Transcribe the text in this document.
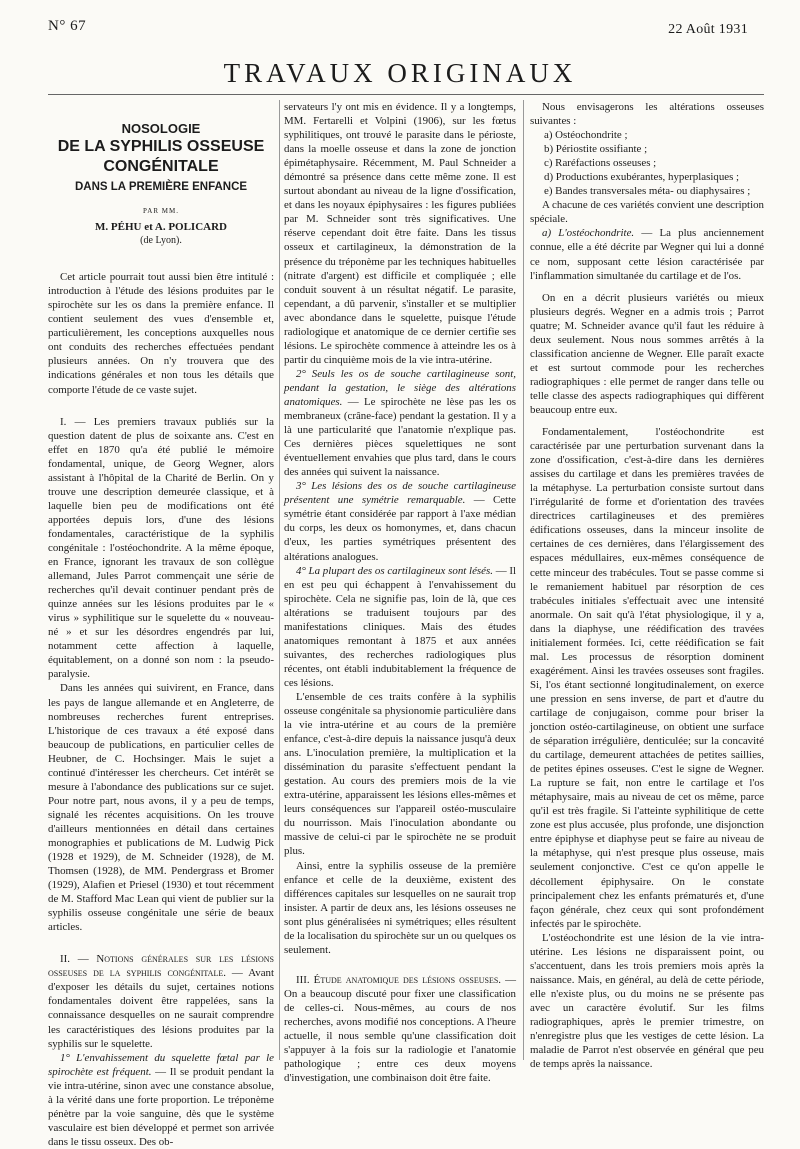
N° 67	22 Août 1931
TRAVAUX ORIGINAUX
NOSOLOGIE
DE LA SYPHILIS OSSEUSE
CONGÉNITALE
DANS LA PREMIÈRE ENFANCE
PAR MM.
M. PÉHU et A. POLICARD
(de Lyon).

Cet article pourrait tout aussi bien être intitulé : introduction à l'étude des lésions produites par le spirochète sur les os dans la première enfance. Il contient seulement des vues d'ensemble et, particulièrement, les conceptions auxquelles nous ont conduits des recherches effectuées pendant plusieurs années. On n'y trouvera que des indications générales et non tous les détails que comporte l'étude de ce vaste sujet.

I. — Les premiers travaux publiés sur la question datent de plus de soixante ans. C'est en effet en 1870 qu'a été publié le mémoire fondamental, unique, de Georg Wegner, alors assistant à l'hôpital de la Charité de Berlin. On y trouve une description demeurée classique, et à laquelle bien peu de modifications ont été apportées depuis lors, d'une des lésions fondamentales, caractéristique de la syphilis congénitale : l'ostéochondrite. A la même époque, en France, ignorant les travaux de son collègue allemand, Jules Parrot commençait une série de recherches qu'il devait continuer pendant près de quinze années sur les lésions produites par le « virus » syphilitique sur le squelette du « nouveau-né » et sur les désordres engendrés par lui, notamment cette affection à laquelle, équitablement, on a donné son nom : la pseudo-paralysie.

Dans les années qui suivirent, en France, dans les pays de langue allemande et en Angleterre, de nombreuses recherches furent entreprises. L'historique de ces travaux a été exposé dans beaucoup de publications, en particulier celles de Heubner, de C. Hochsinger. Mais le sujet a continué d'intéresser les chercheurs. Cet intérêt se mesure à l'abondance des publications sur ce sujet. Pour notre part, nous avons, il y a peu de temps, signalé les récentes acquisitions. On les trouve d'ailleurs mentionnées en détail dans certaines monographies et publications de M. Ludwig Pick (1928 et 1929), de M. Schneider (1928), de M. Thomsen (1928), de MM. Pendergrass et Bromer (1929), Alafien et Priesel (1930) et tout récemment de M. Stafford Mac Lean qui vient de publier sur la syphilis osseuse congénitale une série de beaux articles.

II. — Notions générales sur les lésions osseuses de la syphilis congénitale. — Avant d'exposer les détails du sujet, certaines notions fondamentales doivent être rappelées, sans la connaissance desquelles on ne saurait comprendre les caractéristiques des lésions produites par la syphilis sur le squelette.

1° L'envahissement du squelette fœtal par le spirochète est fréquent. — Il se produit pendant la vie intra-utérine, sinon avec une constance absolue, à la vérité dans une forte proportion. Le tréponème pénètre par la voie sanguine, dès que le système vasculaire est bien développé et permet son arrivée dans le tissu osseux. Des ob-

servateurs l'y ont mis en évidence. Il y a longtemps, MM. Fertarelli et Volpini (1906), sur les fœtus syphilitiques, ont trouvé le parasite dans le périoste, dans la moelle osseuse et dans la zone de jonction épimétaphysaire. Récemment, M. Paul Schneider a démontré sa présence dans cette même zone. Il est surtout abondant au niveau de la ligne d'ossification, et dans les noyaux épiphysaires : les figures publiées par M. Schneider sont très significatives. Une réserve cependant doit être faite. Dans les tissus osseux et cartilagineux, la démonstration de la présence du tréponème par les techniques habituelles (nitrate d'argent) est difficile et compliquée ; elle conduit souvent à un résultat négatif. Le parasite, cependant, a dû parvenir, s'installer et se multiplier avec abondance dans le squelette, puisque l'étude radiologique et anatomique de ce dernier certifie ses lésions. Le spirochète commence à atteindre les os à partir du cinquième mois de la vie intra-utérine.

2° Seuls les os de souche cartilagineuse sont, pendant la gestation, le siège des altérations anatomiques. — Le spirochète ne lèse pas les os membraneux (crâne-face) pendant la gestation. Il y a là une particularité que l'anatomie n'explique pas. Ces dernières pièces squelettiques ne sont éventuellement envahies que plus tard, dans le cours des années qui suivent la naissance.

3° Les lésions des os de souche cartilagineuse présentent une symétrie remarquable. — Cette symétrie étant considérée par rapport à l'axe médian du corps, les deux os homonymes, et, dans chacun d'eux, les parties symétriques présentent des altérations analogues.

4° La plupart des os cartilagineux sont lésés. — Il en est peu qui échappent à l'envahissement du spirochète. Cela ne signifie pas, loin de là, que ces altérations se traduisent toujours par des manifestations cliniques. Mais des études anatomiques remontant à 1875 et aux années suivantes, des recherches radiologiques plus récentes, ont établi indubitablement la fréquence de ces lésions.

L'ensemble de ces traits confère à la syphilis osseuse congénitale sa physionomie particulière dans la vie intra-utérine et au cours de la première enfance, c'est-à-dire depuis la naissance jusqu'à deux ans. L'inoculation première, la multiplication et la dissémination du parasite s'effectuent pendant la gestation. Au cours des premiers mois de la vie extra-utérine, apparaissent les lésions elles-mêmes et leurs conséquences sur l'appareil ostéo-musculaire du nourrisson. Mais l'inoculation abondante ou massive de celui-ci par le spirochète ne se produit plus.

Ainsi, entre la syphilis osseuse de la première enfance et celle de la deuxième, existent des différences capitales sur lesquelles on ne saurait trop insister. A partir de deux ans, les lésions osseuses ne sont plus généralisées ni symétriques; elles résultent de la localisation du spirochète sur un ou quelques os seulement.

III. Étude anatomique des lésions osseuses. — On a beaucoup discuté pour fixer une classification de celles-ci. Nous-mêmes, au cours de nos recherches, avons modifié nos conceptions. A l'heure actuelle, il nous semble qu'une classification doit s'appuyer à la fois sur la radiologie et l'anatomie pathologique ; entre ces deux moyens d'investigation, une combinaison doit être faite.

Nous envisagerons les altérations osseuses suivantes :

a) Ostéochondrite ;
b) Périostite ossifiante ;
c) Raréfactions osseuses ;
d) Productions exubérantes, hyperplasiques ;
e) Bandes transversales méta- ou diaphysaires ;

A chacune de ces variétés convient une description spéciale.

a) L'ostéochondrite. — La plus anciennement connue, elle a été décrite par Wegner qui lui a donné ce nom, supposant cette lésion caractérisée par l'inflammation simultanée du cartilage et de l'os.

On en a décrit plusieurs variétés ou mieux plusieurs degrés. Wegner en a admis trois ; Parrot quatre; M. Schneider avance qu'il faut les réduire à deux seulement. Nous nous sommes arrêtés à la classification ancienne de Wegner. Elle paraît exacte et est surtout commode pour les recherches radiographiques : elle permet de ranger dans telle ou telle classe des aspects radiographiques qui diffèrent beaucoup entre eux.

Fondamentalement, l'ostéochondrite est caractérisée par une perturbation survenant dans la zone d'ossification, c'est-à-dire dans les dernières assises du cartilage et dans les premières travées de la métaphyse. La perturbation consiste surtout dans l'irrégularité de forme et d'orientation des travées directrices cartilagineuses et des premières édifications osseuses, dans la minceur insolite de certaines de ces dernières, dans l'élargissement des espaces médullaires, eux-mêmes conséquence de cette minceur des trabécules. Tout se passe comme si le remaniement habituel par résorption de ces trabécules initiales s'effectuait avec une intensité anormale. On sait qu'à l'état physiologique, il y a, dans la diaphyse, une réédification des travées initialement formées. Ici, cette réédification se fait mal. Les processus de résorption dominent exagérément. Ainsi les travées osseuses sont fragiles. Si, l'os étant sectionné longitudinalement, on exerce une pression en sens inverse, de part et d'autre du cartilage de conjugaison, comme pour briser la jonction ostéo-cartilagineuse, on obtient une surface de séparation irrégulière, denticulée; sur la concavité du cartilage, demeurent attachées de petites saillies, de petites épines osseuses. C'est le signe de Wegner. La rupture se fait, non entre le cartilage et l'os métaphysaire, mais au niveau de cet os même, parce qu'il est très fragile. Si l'atteinte syphilitique de cette zone est plus accusée, plus profonde, une disjonction entre épiphyse et diaphyse peut se faire au niveau de la métaphyse, qui n'est presque plus osseuse, mais seulement conjonctive. C'est ce qu'on appelle le décollement épiphysaire. On le constate principalement chez les enfants prématurés et, d'une façon générale, chez ceux qui sont profondément infectés par le spirochète.

L'ostéochondrite est une lésion de la vie intra-utérine. Les lésions ne disparaissent point, ou s'accentuent, dans les trois premiers mois après la naissance. Mais, en général, au delà de cette période, elle n'existe plus, ou du moins ne se présente pas avec un caractère évolutif. Sur les films radiographiques, après le premier trimestre, on n'enregistre plus que les vestiges de cette lésion. La maladie de Parrot n'est observée en général que peu de temps après la naissance.
